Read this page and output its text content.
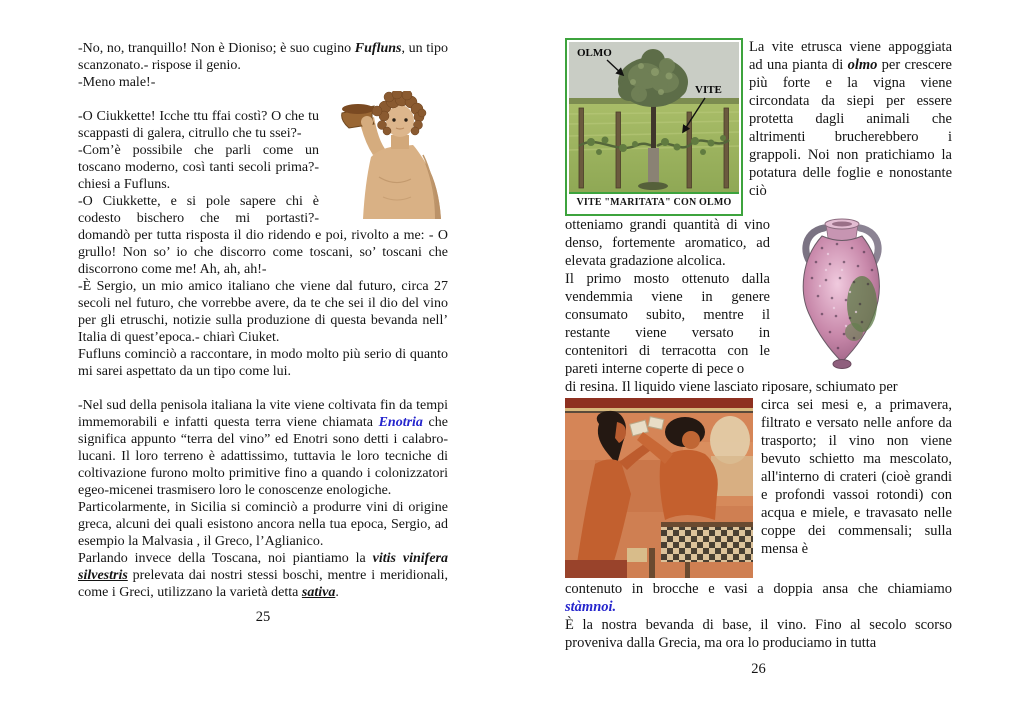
-No, no, tranquillo! Non è Dioniso; è suo cugino Fufluns, un tipo scanzonato.- rispose il genio.

-Meno male!-

-O Ciukkette! Icche ttu ffai costì? O che tu scappasti di galera, citrullo che tu ssei?-

-Com’è possibile che parli come un toscano moderno, così tanti secoli prima?- chiesi a Fufluns.

-O Ciukkette, e si pole sapere chi è codesto bischero che mi portasti?- domandò per tutta risposta il dio ridendo e poi, rivolto a me: - O grullo! Non so’ io che discorro come toscani, so’ toscani che discorrono come me! Ah, ah, ah!-

-È Sergio, un mio amico italiano che viene dal futuro, circa 27 secoli nel futuro, che vorrebbe avere, da te che sei il dio del vino per gli etruschi, notizie sulla produzione di questa bevanda nell’ Italia di quest’epoca.- chiarì Ciuket.

Fufluns cominciò a raccontare, in modo molto più serio di quanto mi sarei aspettato da un tipo come lui.

-Nel sud della penisola italiana la vite viene coltivata fin da tempi immemorabili e infatti questa terra viene chiamata Enotria che significa appunto “terra del vino” ed Enotri sono detti i calabro-lucani. Il loro terreno è adattissimo, tuttavia le loro tecniche di coltivazione furono molto primitive fino a quando i colonizzatori egeo-micenei trasmisero loro le conoscenze enologiche.

Particolarmente, in Sicilia si cominciò a produrre vini di origine greca, alcuni dei quali esistono ancora nella tua epoca, Sergio, ad esempio la Malvasia , il Greco, l’Aglianico.

Parlando invece della Toscana, noi piantiamo la vitis vinifera silvestris prelevata dai nostri stessi boschi, mentre i meridionali, come i Greci, utilizzano la varietà detta sativa.

25
OLMO
VITE
VITE "MARITATA" CON OLMO

La vite etrusca viene appoggiata ad una pianta di olmo per crescere più forte e la vigna viene circondata da siepi per essere protetta dagli animali che altrimenti brucherebbero i grappoli. Noi non pratichiamo la potatura delle foglie e nonostante ciò

otteniamo grandi quantità di vino denso, fortemente aromatico, ad elevata gradazione alcolica.

Il primo mosto ottenuto dalla vendemmia viene in genere consumato subito, mentre il restante viene versato in contenitori di terracotta con le pareti interne coperte di pece o

di resina. Il liquido viene lasciato riposare, schiumato per

circa sei mesi e, a primavera, filtrato e versato nelle anfore da trasporto; il vino non viene bevuto schietto ma mescolato, all'interno di crateri (cioè grandi e profondi vassoi rotondi) con acqua e miele, e travasato nelle coppe dei commensali; sulla mensa è

contenuto in brocche e vasi a doppia ansa che chiamiamo stàmnoi.

È la nostra bevanda di base, il vino. Fino al secolo scorso proveniva dalla Grecia, ma ora lo produciamo in tutta

26
